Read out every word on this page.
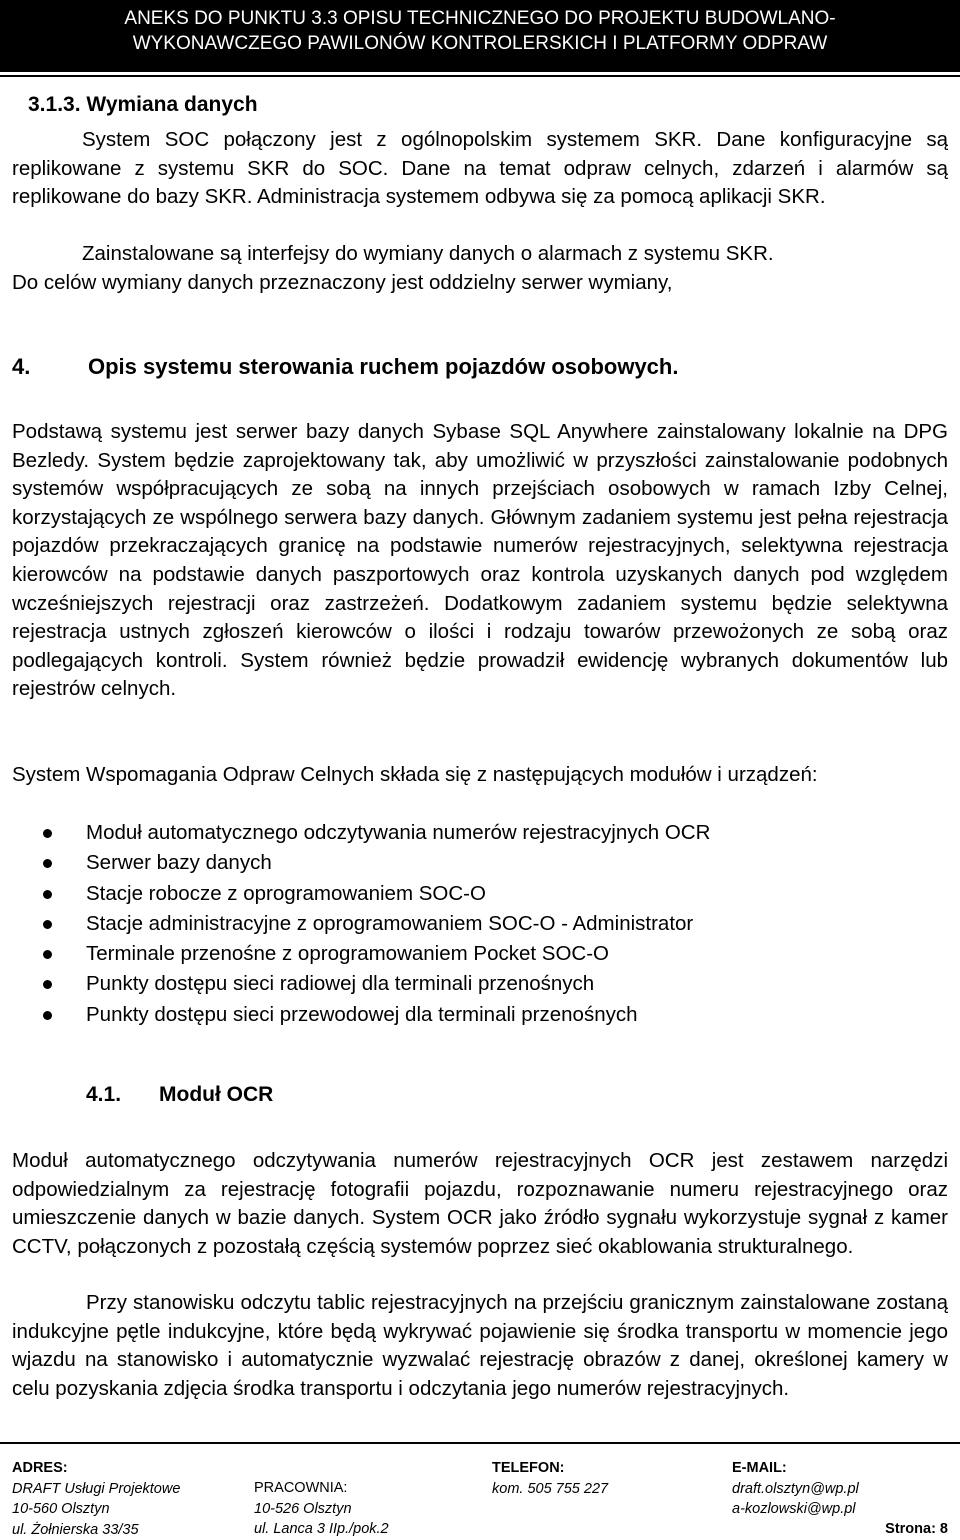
ANEKS DO PUNKTU 3.3 OPISU TECHNICZNEGO DO PROJEKTU BUDOWLANO-
WYKONAWCZEGO PAWILONÓW KONTROLERSKICH I PLATFORMY ODPRAW
3.1.3. Wymiana danych
System SOC połączony jest z ogólnopolskim systemem SKR. Dane konfiguracyjne są replikowane z systemu SKR do SOC. Dane na temat odpraw celnych, zdarzeń i alarmów są replikowane do bazy SKR. Administracja systemem odbywa się za pomocą aplikacji SKR.
Zainstalowane są interfejsy do wymiany danych o alarmach z systemu SKR.
Do celów wymiany danych przeznaczony jest oddzielny serwer wymiany,
4.	Opis systemu sterowania ruchem pojazdów osobowych.
Podstawą systemu jest serwer bazy danych Sybase SQL Anywhere zainstalowany lokalnie na DPG Bezledy. System będzie zaprojektowany tak, aby umożliwić w przyszłości zainstalowanie podobnych systemów współpracujących ze sobą na innych przejściach osobowych w ramach Izby Celnej, korzystających ze wspólnego serwera bazy danych. Głównym zadaniem systemu jest pełna rejestracja pojazdów przekraczających granicę na podstawie numerów rejestracyjnych, selektywna rejestracja kierowców na podstawie danych paszportowych oraz kontrola uzyskanych danych pod względem wcześniejszych rejestracji oraz zastrzeżeń. Dodatkowym zadaniem systemu będzie selektywna rejestracja ustnych zgłoszeń kierowców o ilości i rodzaju towarów przewożonych ze sobą oraz podlegających kontroli. System również będzie prowadził ewidencję wybranych dokumentów lub rejestrów celnych.
System Wspomagania Odpraw Celnych składa się z następujących modułów i urządzeń:
Moduł automatycznego odczytywania numerów rejestracyjnych OCR
Serwer bazy danych
Stacje robocze z oprogramowaniem SOC-O
Stacje administracyjne z oprogramowaniem SOC-O - Administrator
Terminale przenośne z oprogramowaniem Pocket SOC-O
Punkty dostępu sieci radiowej dla terminali przenośnych
Punkty dostępu sieci przewodowej dla terminali przenośnych
4.1. Moduł OCR
Moduł automatycznego odczytywania numerów rejestracyjnych OCR jest zestawem narzędzi odpowiedzialnym za rejestrację fotografii pojazdu, rozpoznawanie numeru rejestracyjnego oraz umieszczenie danych w bazie danych. System OCR jako źródło sygnału wykorzystuje sygnał z kamer CCTV, połączonych z pozostałą częścią systemów poprzez sieć okablowania strukturalnego.
Przy stanowisku odczytu tablic rejestracyjnych na przejściu granicznym zainstalowane zostaną indukcyjne pętle indukcyjne, które będą wykrywać pojawienie się środka transportu w momencie jego wjazdu na stanowisko i automatycznie wyzwalać rejestrację obrazów z danej, określonej kamery w celu pozyskania zdjęcia środka transportu i odczytania jego numerów rejestracyjnych.
ADRES:
DRAFT Usługi Projektowe
10-560 Olsztyn
ul. Żołnierska 33/35
PRACOWNIA:
10-526 Olsztyn
ul. Lanca 3 IIp./pok.2
TELEFON:
kom. 505 755 227
E-MAIL:
draft.olsztyn@wp.pl
a-kozlowski@wp.pl
Strona: 8
